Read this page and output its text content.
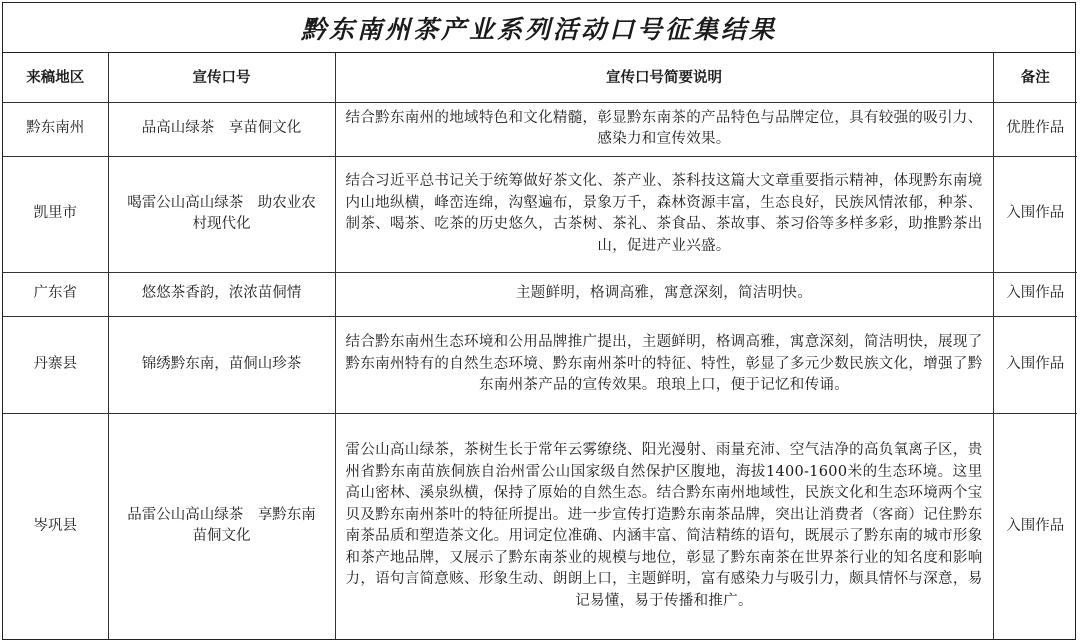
黔东南州茶产业系列活动口号征集结果
来稿地区	宣传口号	宣传口号简要说明	备注
黔东南州	品高山绿茶　享苗侗文化	结合黔东南州的地域特色和文化精髓，彰显黔东南茶的产品特色与品牌定位，具有较强的吸引力、感染力和宣传效果。	优胜作品
凯里市	喝雷公山高山绿茶　助农业农村现代化	结合习近平总书记关于统筹做好茶文化、茶产业、茶科技这篇大文章重要指示精神，体现黔东南境内山地纵横，峰峦连绵，沟壑遍布，景象万千，森林资源丰富，生态良好，民族风情浓郁，种茶、制茶、喝茶、吃茶的历史悠久，古茶树、茶礼、茶食品、茶故事、茶习俗等多样多彩，助推黔茶出山，促进产业兴盛。	入围作品
广东省	悠悠茶香韵，浓浓苗侗情	主题鲜明，格调高雅，寓意深刻，简洁明快。	入围作品
丹寨县	锦绣黔东南，苗侗山珍茶	结合黔东南州生态环境和公用品牌推广提出，主题鲜明，格调高雅，寓意深刻，简洁明快，展现了黔东南州特有的自然生态环境、黔东南州茶叶的特征、特性，彰显了多元少数民族文化，增强了黔东南州茶产品的宣传效果。琅琅上口，便于记忆和传诵。	入围作品
岑巩县	品雷公山高山绿茶　享黔东南苗侗文化	雷公山高山绿茶，茶树生长于常年云雾缭绕、阳光漫射、雨量充沛、空气洁净的高负氧离子区，贵州省黔东南苗族侗族自治州雷公山国家级自然保护区腹地，海拔1400-1600米的生态环境。这里高山密林、溪泉纵横，保持了原始的自然生态。结合黔东南州地域性，民族文化和生态环境两个宝贝及黔东南州茶叶的特征所提出。进一步宣传打造黔东南茶品牌，突出让消费者（客商）记住黔东南茶品质和塑造茶文化。用词定位准确、内涵丰富、简洁精练的语句，既展示了黔东南的城市形象和茶产地品牌，又展示了黔东南茶业的规模与地位，彰显了黔东南茶在世界茶行业的知名度和影响力，语句言简意赅、形象生动、朗朗上口，主题鲜明，富有感染力与吸引力，颇具情怀与深意，易记易懂，易于传播和推广。	入围作品
